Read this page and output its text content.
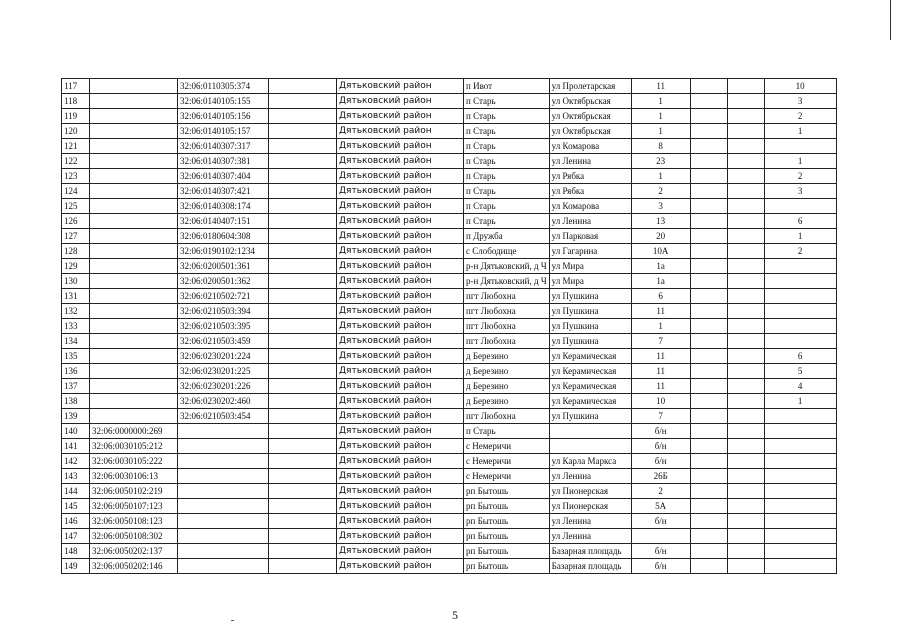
117		32:06:0110305:374		Дятьковский район	п Ивот	ул Пролетарская	11			10
118		32:06:0140105:155		Дятьковский район	п Старь	ул Октябрьская	1			3
119		32:06:0140105:156		Дятьковский район	п Старь	ул Октябрьская	1			2
120		32:06:0140105:157		Дятьковский район	п Старь	ул Октябрьская	1			1
121		32:06:0140307:317		Дятьковский район	п Старь	ул Комарова	8			
122		32:06:0140307:381		Дятьковский район	п Старь	ул Ленина	23			1
123		32:06:0140307:404		Дятьковский район	п Старь	ул Рябка	1			2
124		32:06:0140307:421		Дятьковский район	п Старь	ул Рябка	2			3
125		32:06:0140308:174		Дятьковский район	п Старь	ул Комарова	3			
126		32:06:0140407:151		Дятьковский район	п Старь	ул Ленина	13			6
127		32:06:0180604:308		Дятьковский район	п Дружба	ул Парковая	20			1
128		32:06:0190102:1234		Дятьковский район	с Слободище	ул Гагарина	10А			2
129		32:06:0200501:361		Дятьковский район	р-н Дятьковский, д Ч	ул Мира	1а			
130		32:06:0200501:362		Дятьковский район	р-н Дятьковский, д Ч	ул Мира	1а			
131		32:06:0210502:721		Дятьковский район	пгт Любохна	ул Пушкина	6			
132		32:06:0210503:394		Дятьковский район	пгт Любохна	ул Пушкина	11			
133		32:06:0210503:395		Дятьковский район	пгт Любохна	ул Пушкина	1			
134		32:06:0210503:459		Дятьковский район	пгт Любохна	ул Пушкина	7			
135		32:06:0230201:224		Дятьковский район	д Березино	ул Керамическая	11			6
136		32:06:0230201:225		Дятьковский район	д Березино	ул Керамическая	11			5
137		32:06:0230201:226		Дятьковский район	д Березино	ул Керамическая	11			4
138		32:06:0230202:460		Дятьковский район	д Березино	ул Керамическая	10			1
139		32:06:0210503:454		Дятьковский район	пгт Любохна	ул Пушкина	7			
140	32:06:0000000:269			Дятьковский район	п Старь		б/н			
141	32:06:0030105:212			Дятьковский район	с Немеричи		б/н			
142	32:06:0030105:222			Дятьковский район	с Немеричи	ул Карла Маркса	б/н			
143	32:06:0030106:13			Дятьковский район	с Немеричи	ул Ленина	26Б			
144	32:06:0050102:219			Дятьковский район	рп Бытошь	ул Пионерская	2			
145	32:06:0050107:123			Дятьковский район	рп Бытошь	ул Пионерская	5А			
146	32:06:0050108:123			Дятьковский район	рп Бытошь	ул Ленина	б/н			
147	32:06:0050108:302			Дятьковский район	рп Бытошь	ул Ленина				
148	32:06:0050202:137			Дятьковский район	рп Бытошь	Базарная площадь	б/н			
149	32:06:0050202:146			Дятьковский район	рп Бытошь	Базарная площадь	б/н			
5
